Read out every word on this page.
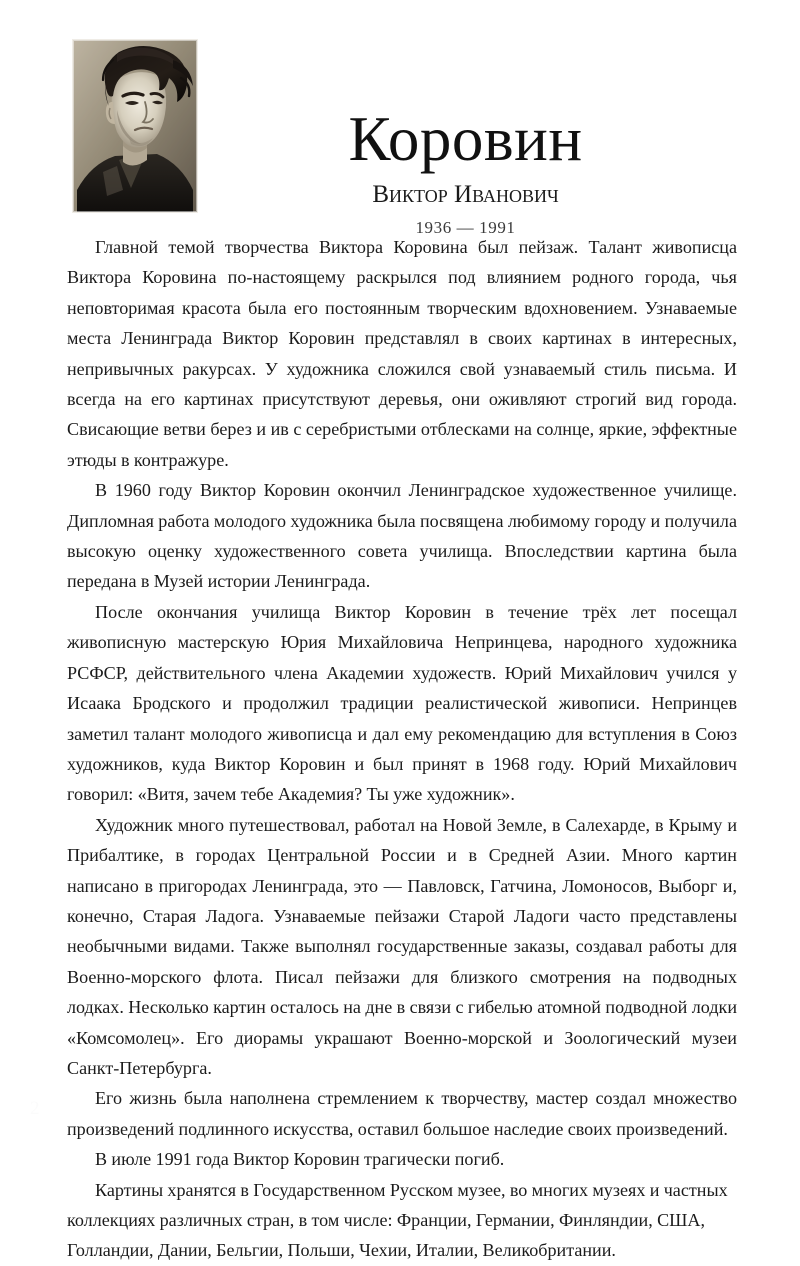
Коровин
Виктор Иванович
1936 — 1991

Главной темой творчества Виктора Коровина был пейзаж. Талант живописца Виктора Коровина по-настоящему раскрылся под влиянием родного города, чья неповторимая красота была его постоянным творческим вдохновением. Узнаваемые места Ленинграда Виктор Коровин представлял в своих картинах в интересных, непривычных ракурсах. У художника сложился свой узнаваемый стиль письма. И всегда на его картинах присутствуют деревья, они оживляют строгий вид города. Свисающие ветви берез и ив с серебристыми отблесками на солнце, яркие, эффектные этюды в контражуре.

В 1960 году Виктор Коровин окончил Ленинградское художественное училище. Дипломная работа молодого художника была посвящена любимому городу и получила высокую оценку художественного совета училища. Впоследствии картина была передана в Музей истории Ленинграда.

После окончания училища Виктор Коровин в течение трёх лет посещал живописную мастерскую Юрия Михайловича Непринцева, народного художника РСФСР, действительного члена Академии художеств. Юрий Михайлович учился у Исаака Бродского и продолжил традиции реалистической живописи. Непринцев заметил талант молодого живописца и дал ему рекомендацию для вступления в Союз художников, куда Виктор Коровин и был принят в 1968 году. Юрий Михайлович говорил: «Витя, зачем тебе Академия? Ты уже художник».

Художник много путешествовал, работал на Новой Земле, в Салехарде, в Крыму и Прибалтике, в городах Центральной России и в Средней Азии. Много картин написано в пригородах Ленинграда, это — Павловск, Гатчина, Ломоносов, Выборг и, конечно, Старая Ладога. Узнаваемые пейзажи Старой Ладоги часто представлены необычными видами. Также выполнял государственные заказы, создавал работы для Военно-морского флота. Писал пейзажи для близкого смотрения на подводных лодках. Несколько картин осталось на дне в связи с гибелью атомной подводной лодки «Комсомолец». Его диорамы украшают Военно-морской и Зоологический музеи Санкт-Петербурга.

Его жизнь была наполнена стремлением к творчеству, мастер создал множество произведений подлинного искусства, оставил большое наследие своих произведений.

В июле 1991 года Виктор Коровин трагически погиб.

Картины хранятся в Государственном Русском музее, во многих музеях и частных коллекциях различных стран, в том числе: Франции, Германии, Финляндии, США, Голландии, Дании, Бельгии, Польши, Чехии, Италии, Великобритании.

2
